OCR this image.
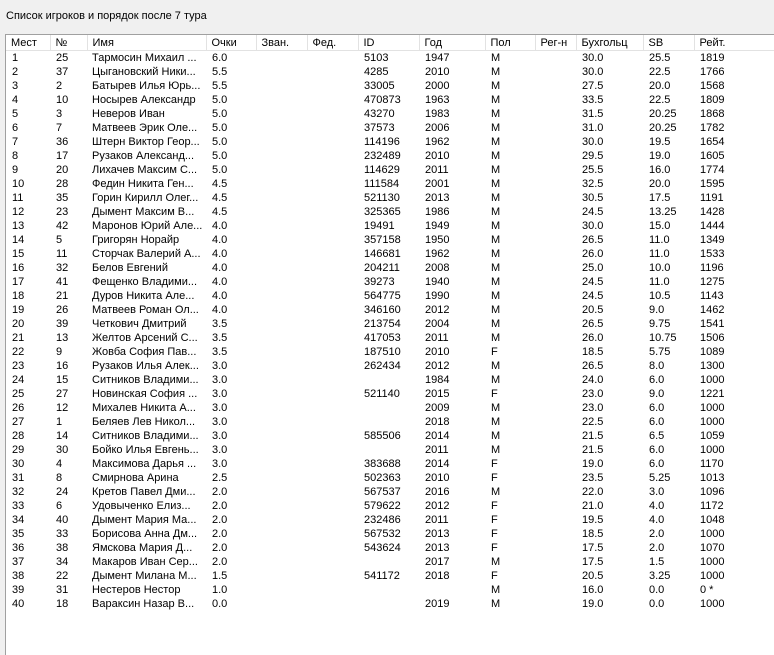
Список игроков и порядок после 7 тура
Мест	№	Имя	Очки	Зван.	Фед.	ID	Год	Пол	Рег-н	Бухгольц	SB	Рейт.
1	25	Тармосин Михаил ...	6.0			5103	1947	M		30.0	25.5	1819
2	37	Цыгановский Ники...	5.5			4285	2010	M		30.0	22.5	1766
3	2	Батырев Илья Юрь...	5.5			33005	2000	M		27.5	20.0	1568
4	10	Носырев Александр	5.0			470873	1963	M		33.5	22.5	1809
5	3	Неверов Иван	5.0			43270	1983	M		31.5	20.25	1868
6	7	Матвеев Эрик Оле...	5.0			37573	2006	M		31.0	20.25	1782
7	36	Штерн Виктор Геор...	5.0			114196	1962	M		30.0	19.5	1654
8	17	Рузаков Александ...	5.0			232489	2010	M		29.5	19.0	1605
9	20	Лихачев Максим С...	5.0			114629	2011	M		25.5	16.0	1774
10	28	Федин Никита Ген...	4.5			111584	2001	M		32.5	20.0	1595
11	35	Горин Кирилл Олег...	4.5			521130	2013	M		30.5	17.5	1191
12	23	Дымент Максим В...	4.5			325365	1986	M		24.5	13.25	1428
13	42	Маронов Юрий Але...	4.0			19491	1949	M		30.0	15.0	1444
14	5	Григорян Норайр	4.0			357158	1950	M		26.5	11.0	1349
15	11	Сторчак Валерий А...	4.0			146681	1962	M		26.0	11.0	1533
16	32	Белов Евгений	4.0			204211	2008	M		25.0	10.0	1196
17	41	Фещенко Владими...	4.0			39273	1940	M		24.5	11.0	1275
18	21	Дуров Никита Але...	4.0			564775	1990	M		24.5	10.5	1143
19	26	Матвеев Роман Ол...	4.0			346160	2012	M		20.5	9.0	1462
20	39	Четкович Дмитрий	3.5			213754	2004	M		26.5	9.75	1541
21	13	Желтов Арсений С...	3.5			417053	2011	M		26.0	10.75	1506
22	9	Жовба София Пав...	3.5			187510	2010	F		18.5	5.75	1089
23	16	Рузаков Илья Алек...	3.0			262434	2012	M		26.5	8.0	1300
24	15	Ситников Владими...	3.0				1984	M		24.0	6.0	1000
25	27	Новинская София ...	3.0			521140	2015	F		23.0	9.0	1221
26	12	Михалев Никита А...	3.0				2009	M		23.0	6.0	1000
27	1	Беляев Лев Никол...	3.0				2018	M		22.5	6.0	1000
28	14	Ситников Владими...	3.0			585506	2014	M		21.5	6.5	1059
29	30	Бойко Илья Евгень...	3.0				2011	M		21.5	6.0	1000
30	4	Максимова Дарья ...	3.0			383688	2014	F		19.0	6.0	1170
31	8	Смирнова Арина	2.5			502363	2010	F		23.5	5.25	1013
32	24	Кретов Павел Дми...	2.0			567537	2016	M		22.0	3.0	1096
33	6	Удовыченко Елиз...	2.0			579622	2012	F		21.0	4.0	1172
34	40	Дымент Мария Ма...	2.0			232486	2011	F		19.5	4.0	1048
35	33	Борисова Анна Дм...	2.0			567532	2013	F		18.5	2.0	1000
36	38	Ямскова Мария Д...	2.0			543624	2013	F		17.5	2.0	1070
37	34	Макаров Иван Сер...	2.0				2017	M		17.5	1.5	1000
38	22	Дымент Милана М...	1.5			541172	2018	F		20.5	3.25	1000
39	31	Нестеров Нестор	1.0					M		16.0	0.0	0 *
40	18	Вараксин Назар В...	0.0				2019	M		19.0	0.0	1000
